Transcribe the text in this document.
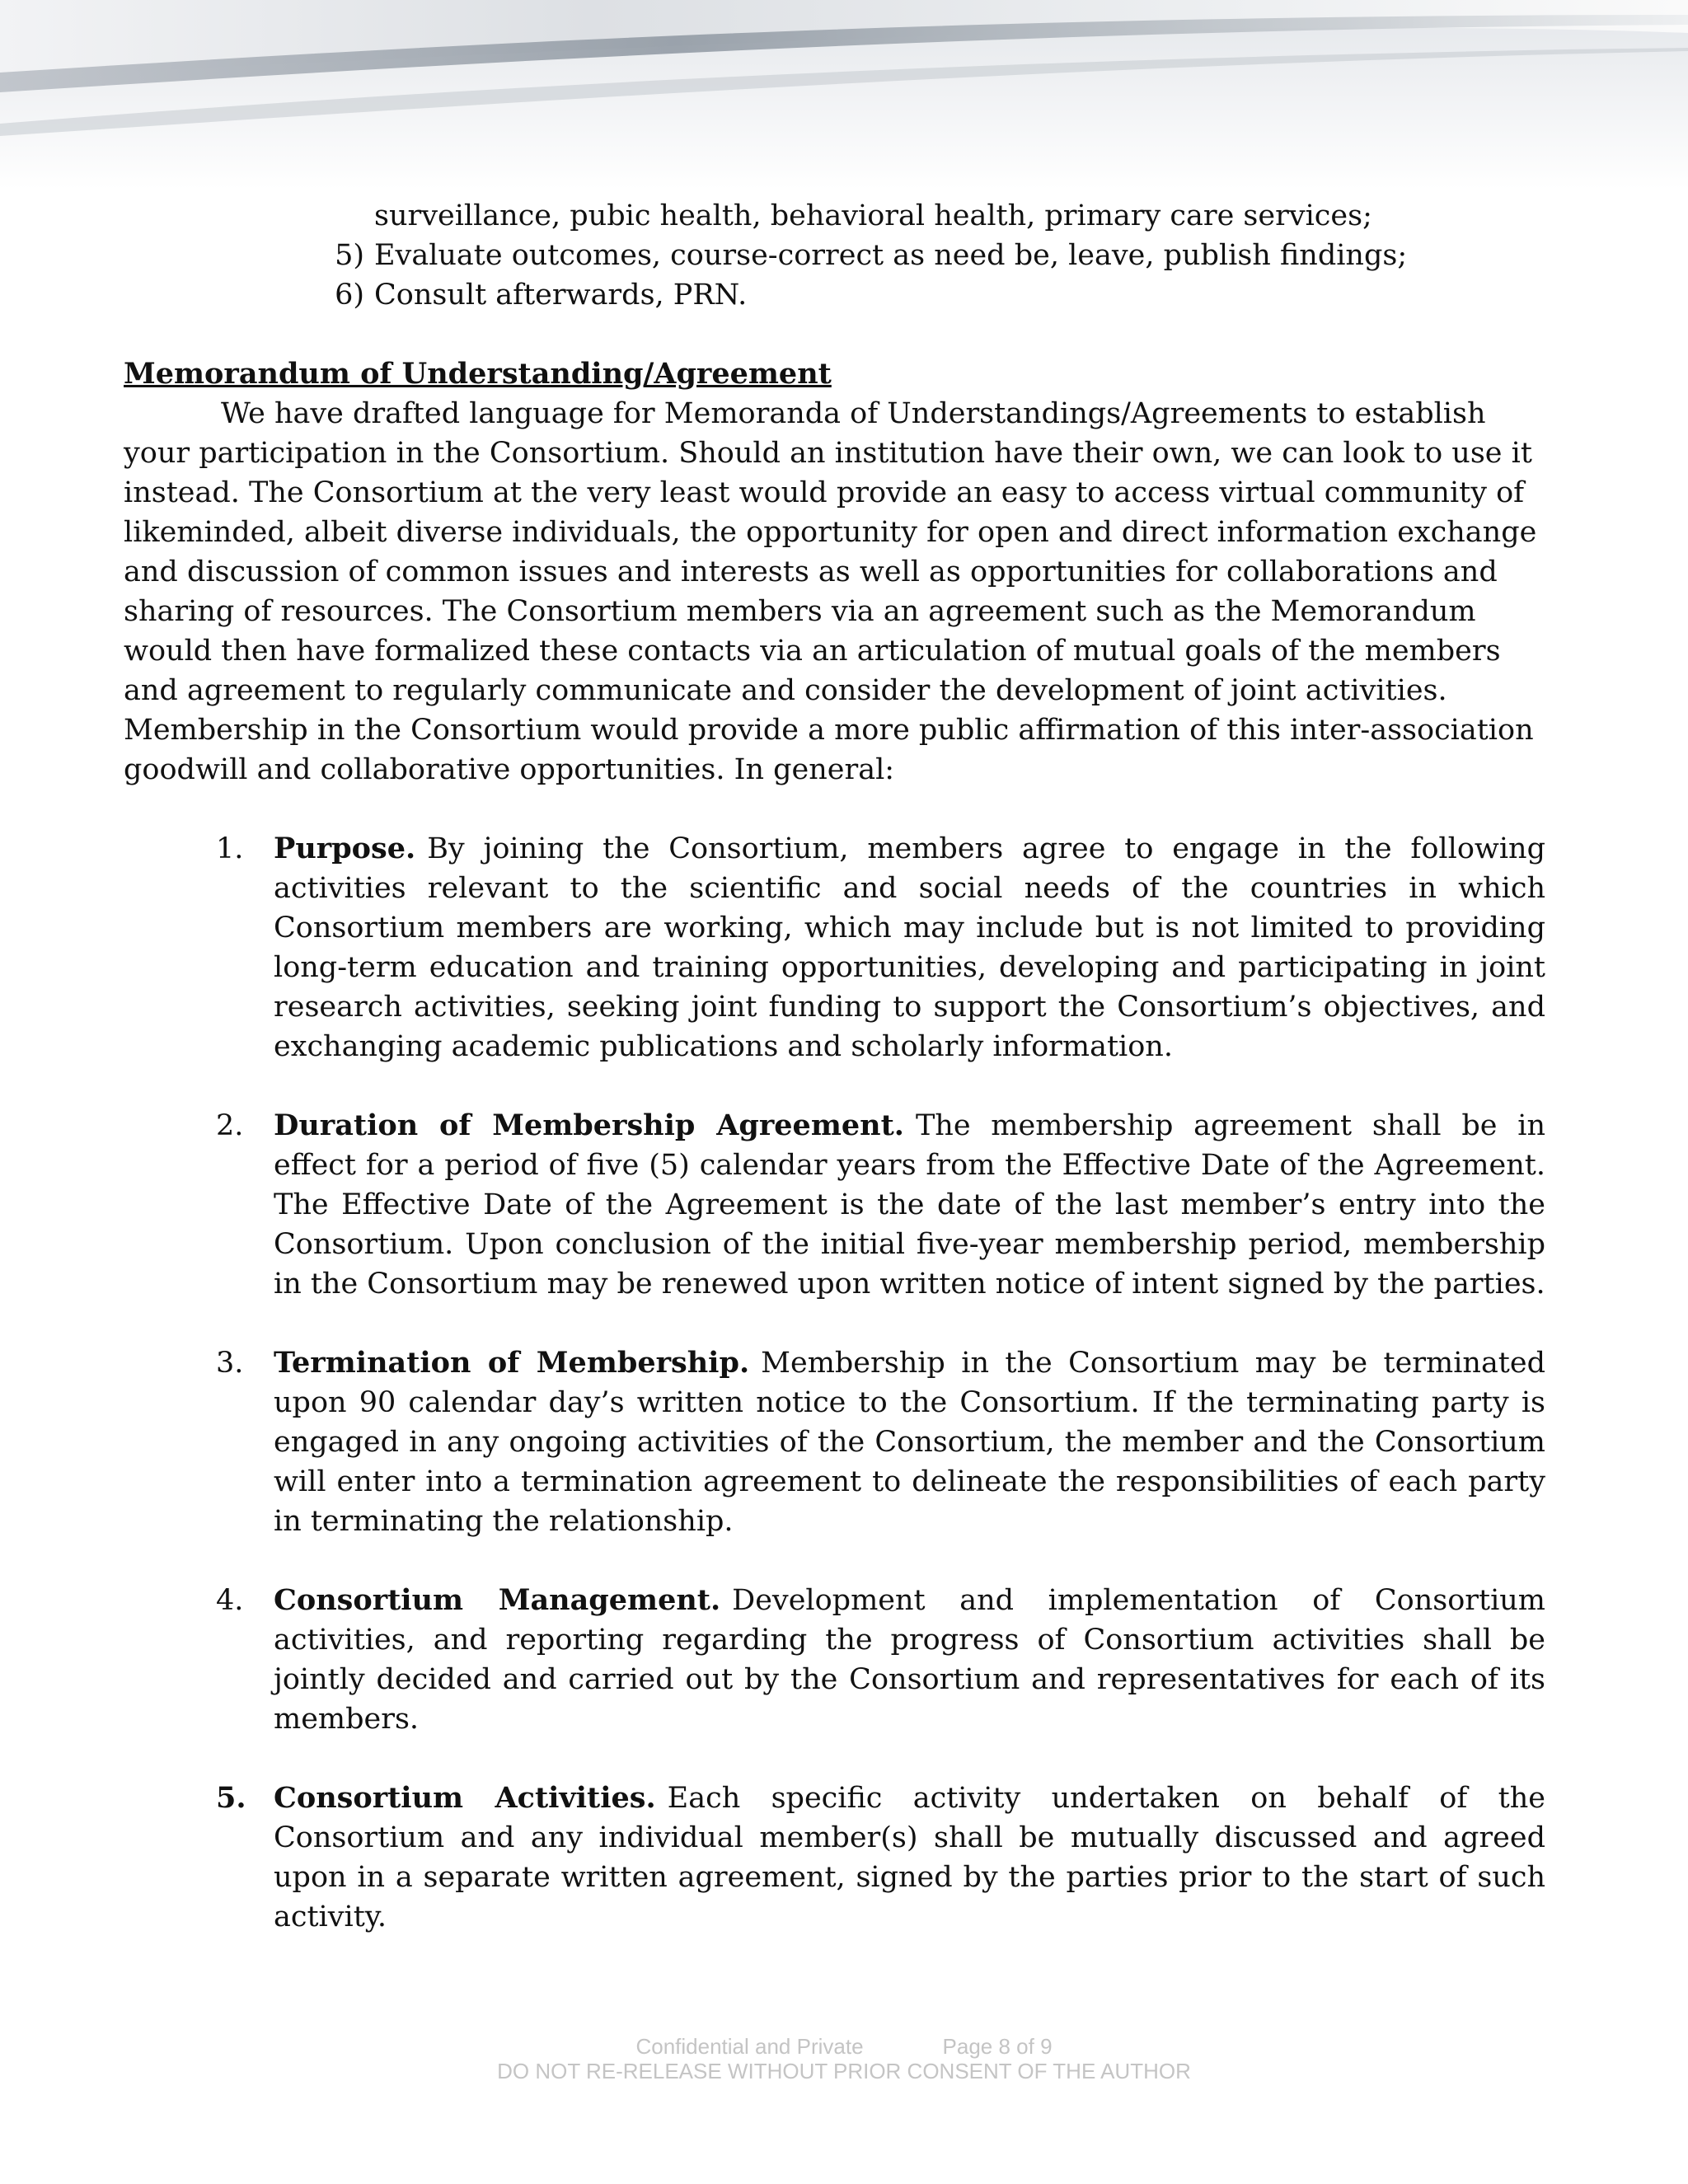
surveillance, pubic health, behavioral health, primary care services;
5) Evaluate outcomes, course-correct as need be, leave, publish findings;
6) Consult afterwards, PRN.
Memorandum of Understanding/Agreement
We have drafted language for Memoranda of Understandings/Agreements to establish your participation in the Consortium. Should an institution have their own, we can look to use it instead. The Consortium at the very least would provide an easy to access virtual community of likeminded, albeit diverse individuals, the opportunity for open and direct information exchange and discussion of common issues and interests as well as opportunities for collaborations and sharing of resources. The Consortium members via an agreement such as the Memorandum would then have formalized these contacts via an articulation of mutual goals of the members and agreement to regularly communicate and consider the development of joint activities. Membership in the Consortium would provide a more public affirmation of this inter-association goodwill and collaborative opportunities. In general:
1.	Purpose. By joining the Consortium, members agree to engage in the following activities relevant to the scientific and social needs of the countries in which Consortium members are working, which may include but is not limited to providing long-term education and training opportunities, developing and participating in joint research activities, seeking joint funding to support the Consortium’s objectives, and exchanging academic publications and scholarly information.
2.	Duration of Membership Agreement. The membership agreement shall be in effect for a period of five (5) calendar years from the Effective Date of the Agreement. The Effective Date of the Agreement is the date of the last member’s entry into the Consortium. Upon conclusion of the initial five-year membership period, membership in the Consortium may be renewed upon written notice of intent signed by the parties.
3.	Termination of Membership. Membership in the Consortium may be terminated upon 90 calendar day’s written notice to the Consortium. If the terminating party is engaged in any ongoing activities of the Consortium, the member and the Consortium will enter into a termination agreement to delineate the responsibilities of each party in terminating the relationship.
4.	Consortium Management. Development and implementation of Consortium activities, and reporting regarding the progress of Consortium activities shall be jointly decided and carried out by the Consortium and representatives for each of its members.
5. Consortium Activities. Each specific activity undertaken on behalf of the Consortium and any individual member(s) shall be mutually discussed and agreed upon in a separate written agreement, signed by the parties prior to the start of such activity.
Confidential and Private	Page 8 of 9
DO NOT RE-RELEASE WITHOUT PRIOR CONSENT OF THE AUTHOR
